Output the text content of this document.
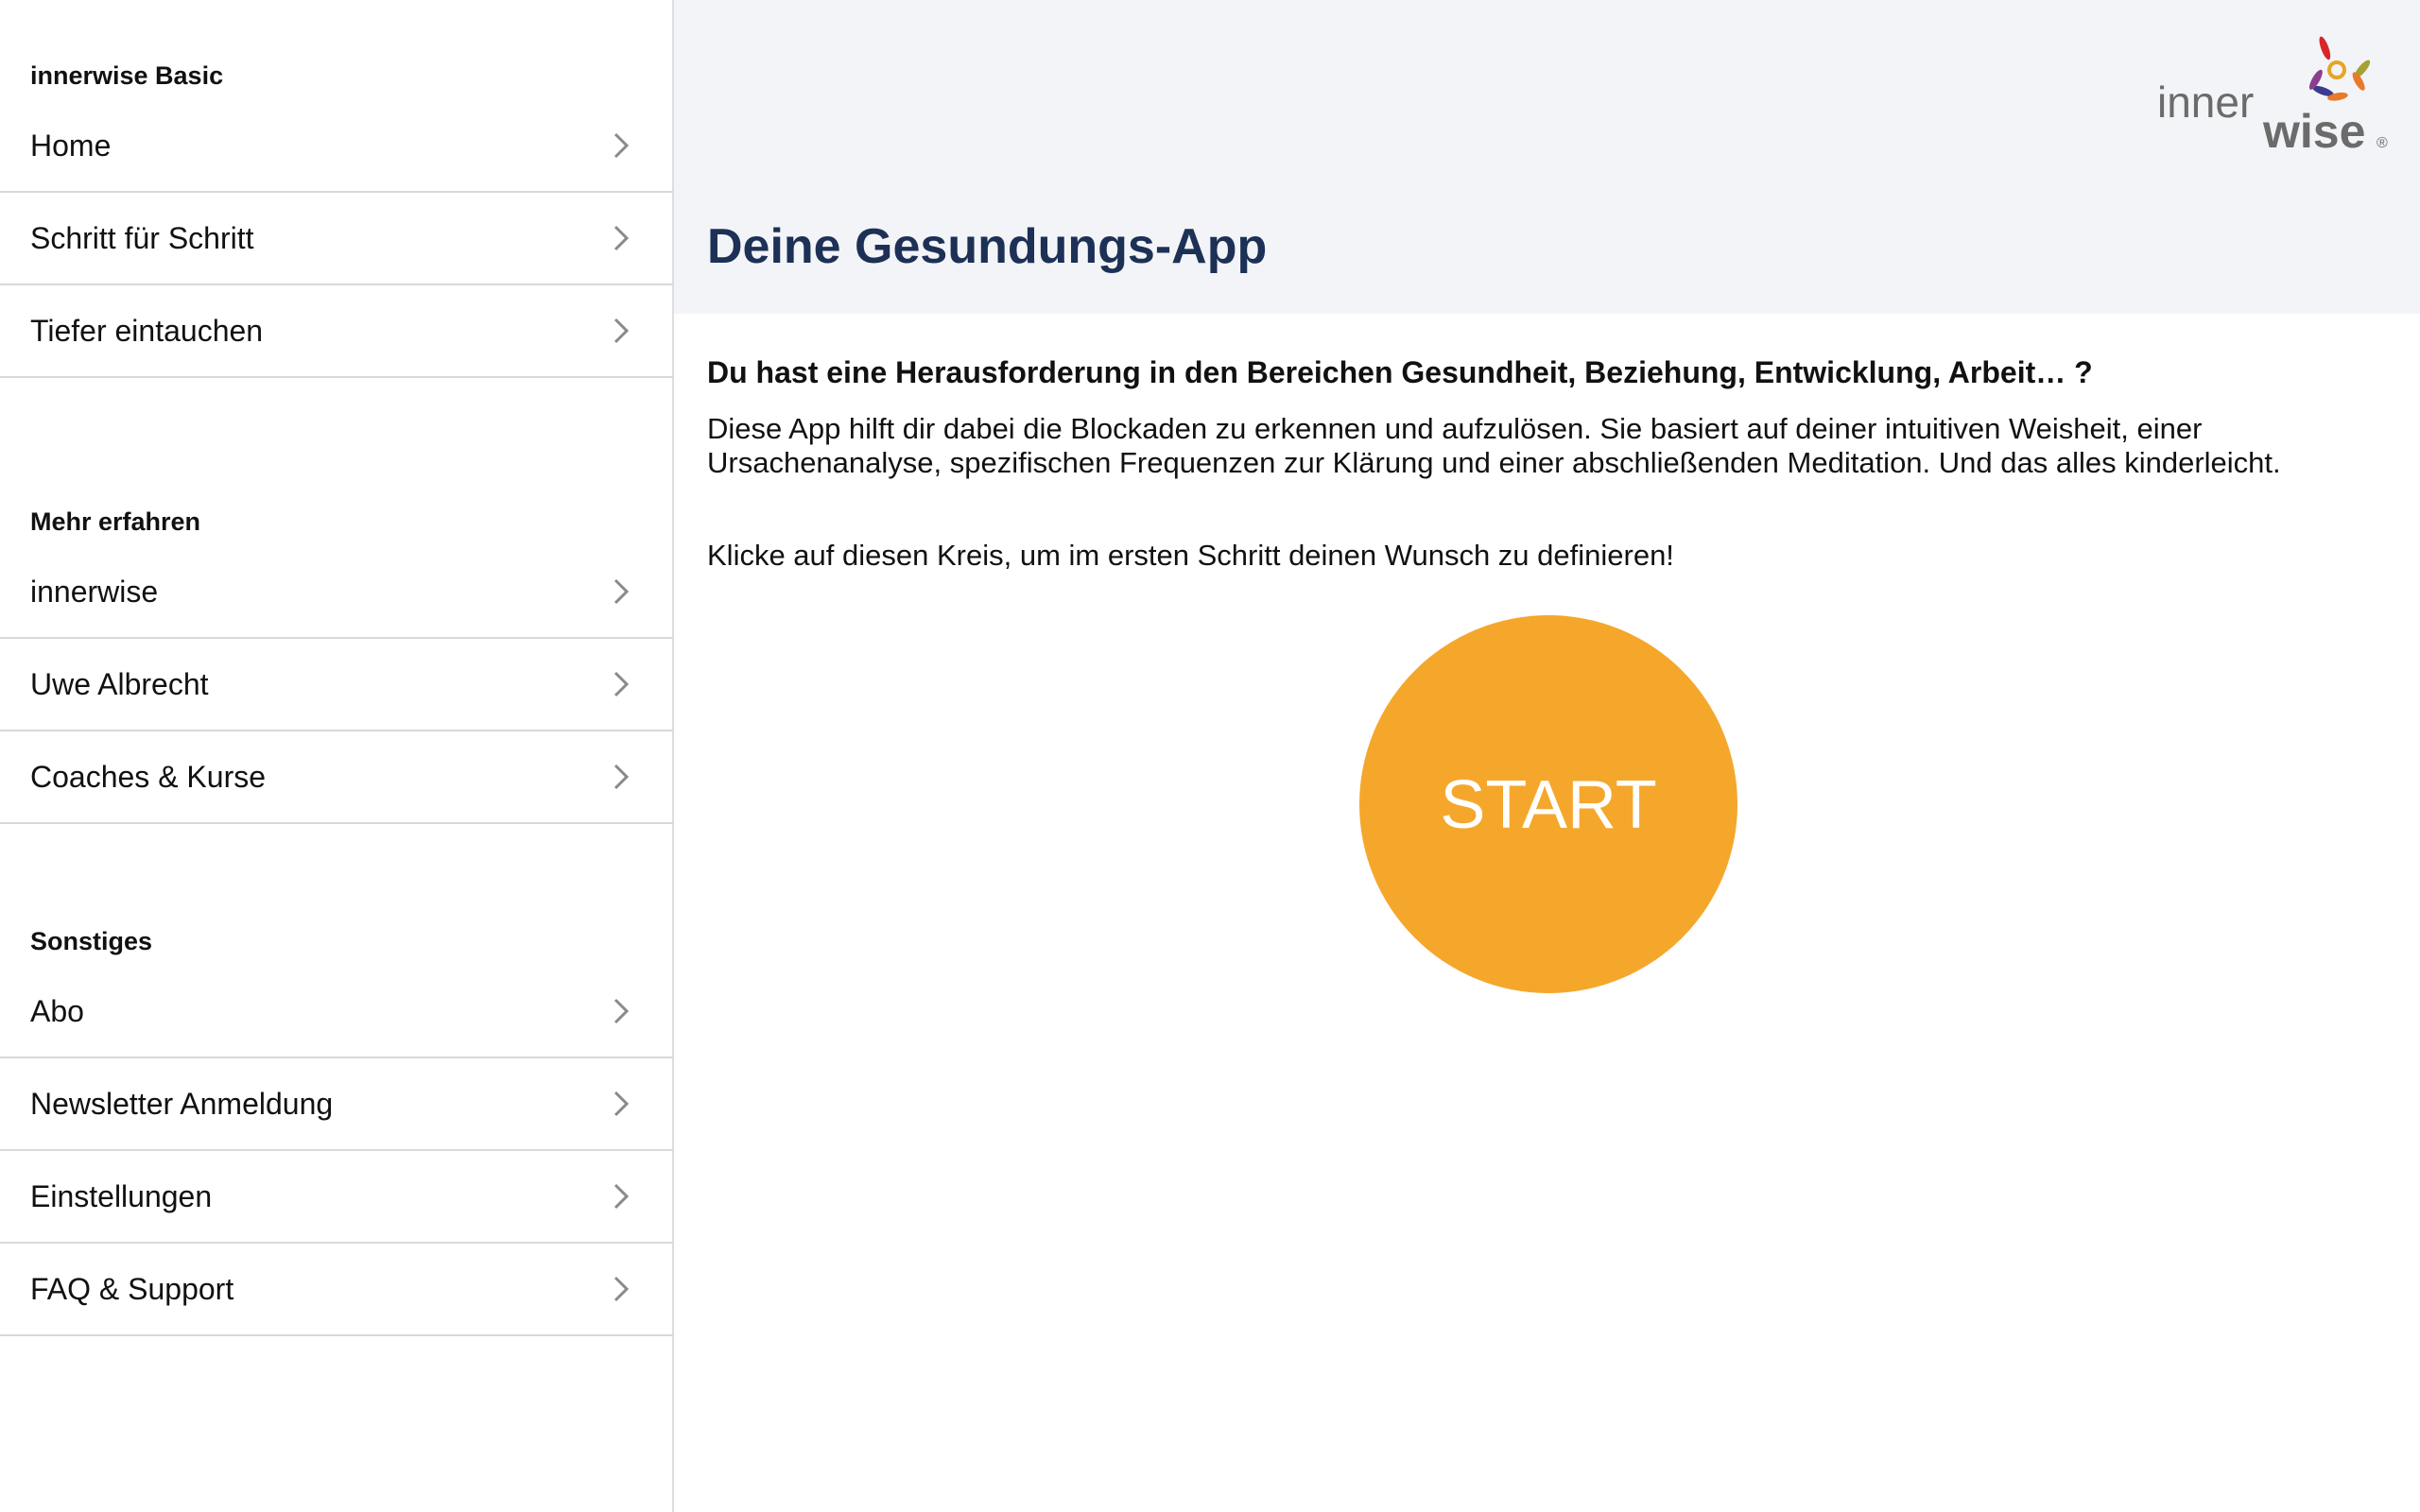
innerwise Basic
Home
Schritt für Schritt
Tiefer eintauchen
Mehr erfahren
innerwise
Uwe Albrecht
Coaches & Kurse
Sonstiges
Abo
Newsletter Anmeldung
Einstellungen
FAQ & Support
inner
wise ®
Deine Gesundungs-App

Du hast eine Herausforderung in den Bereichen Gesundheit, Beziehung, Entwicklung, Arbeit… ?

Diese App hilft dir dabei die Blockaden zu erkennen und aufzulösen. Sie basiert auf deiner intuitiven Weisheit, einer Ursachenanalyse, spezifischen Frequenzen zur Klärung und einer abschließenden Meditation. Und das alles kinderleicht.

Klicke auf diesen Kreis, um im ersten Schritt deinen Wunsch zu definieren!

START
